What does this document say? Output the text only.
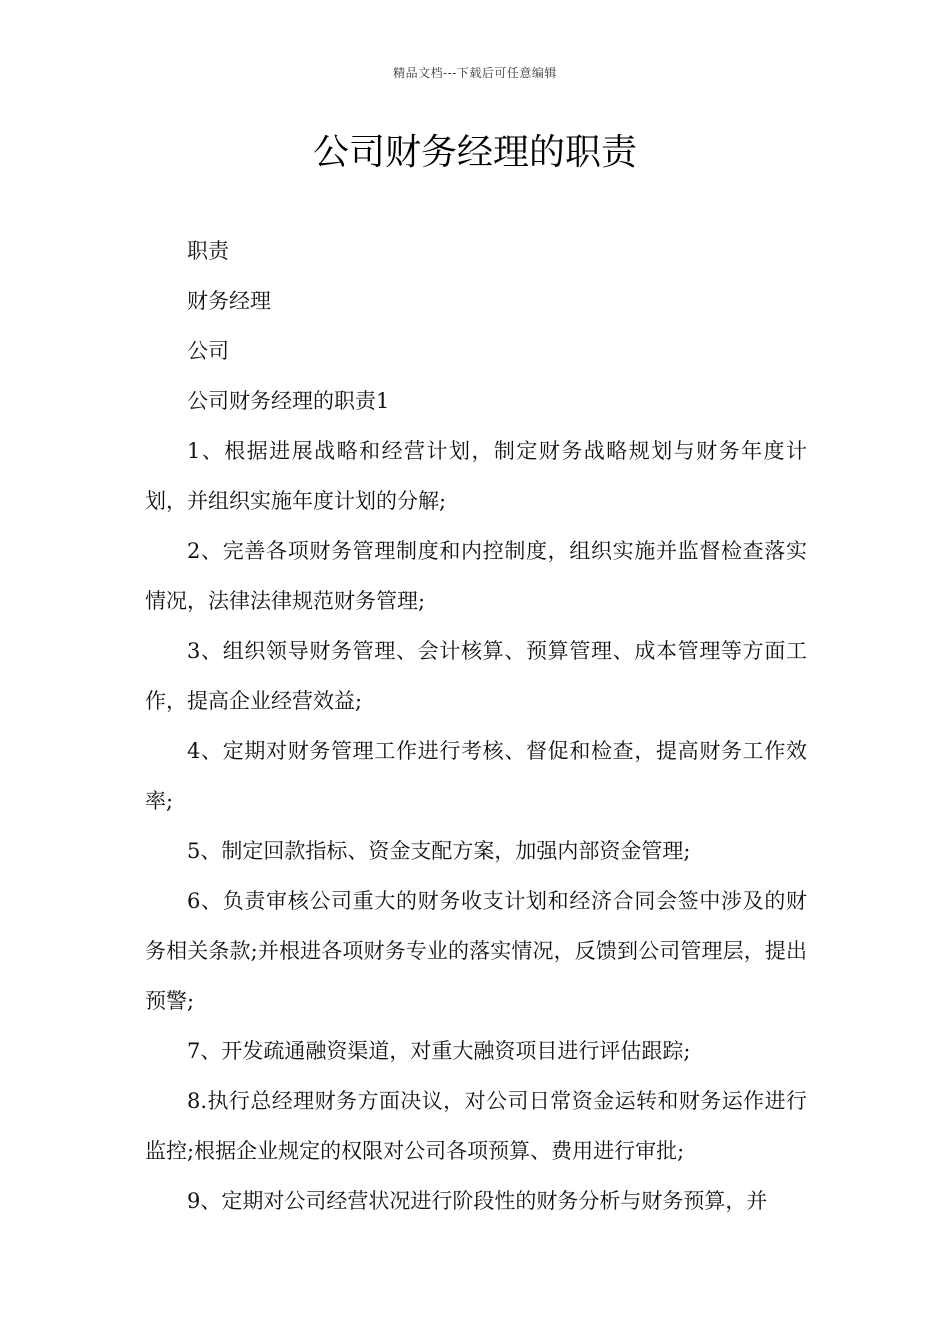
精品文档---下载后可任意编辑
公司财务经理的职责

职责

财务经理

公司

公司财务经理的职责1

1、根据进展战略和经营计划，制定财务战略规划与财务年度计划，并组织实施年度计划的分解;

2、完善各项财务管理制度和内控制度，组织实施并监督检查落实情况，法律法律规范财务管理;

3、组织领导财务管理、会计核算、预算管理、成本管理等方面工作，提高企业经营效益;

4、定期对财务管理工作进行考核、督促和检查，提高财务工作效率;

5、制定回款指标、资金支配方案，加强内部资金管理;

6、负责审核公司重大的财务收支计划和经济合同会签中涉及的财务相关条款;并根进各项财务专业的落实情况，反馈到公司管理层，提出预警;

7、开发疏通融资渠道，对重大融资项目进行评估跟踪;

8.执行总经理财务方面决议，对公司日常资金运转和财务运作进行监控;根据企业规定的权限对公司各项预算、费用进行审批;

9、定期对公司经营状况进行阶段性的财务分析与财务预算，并
